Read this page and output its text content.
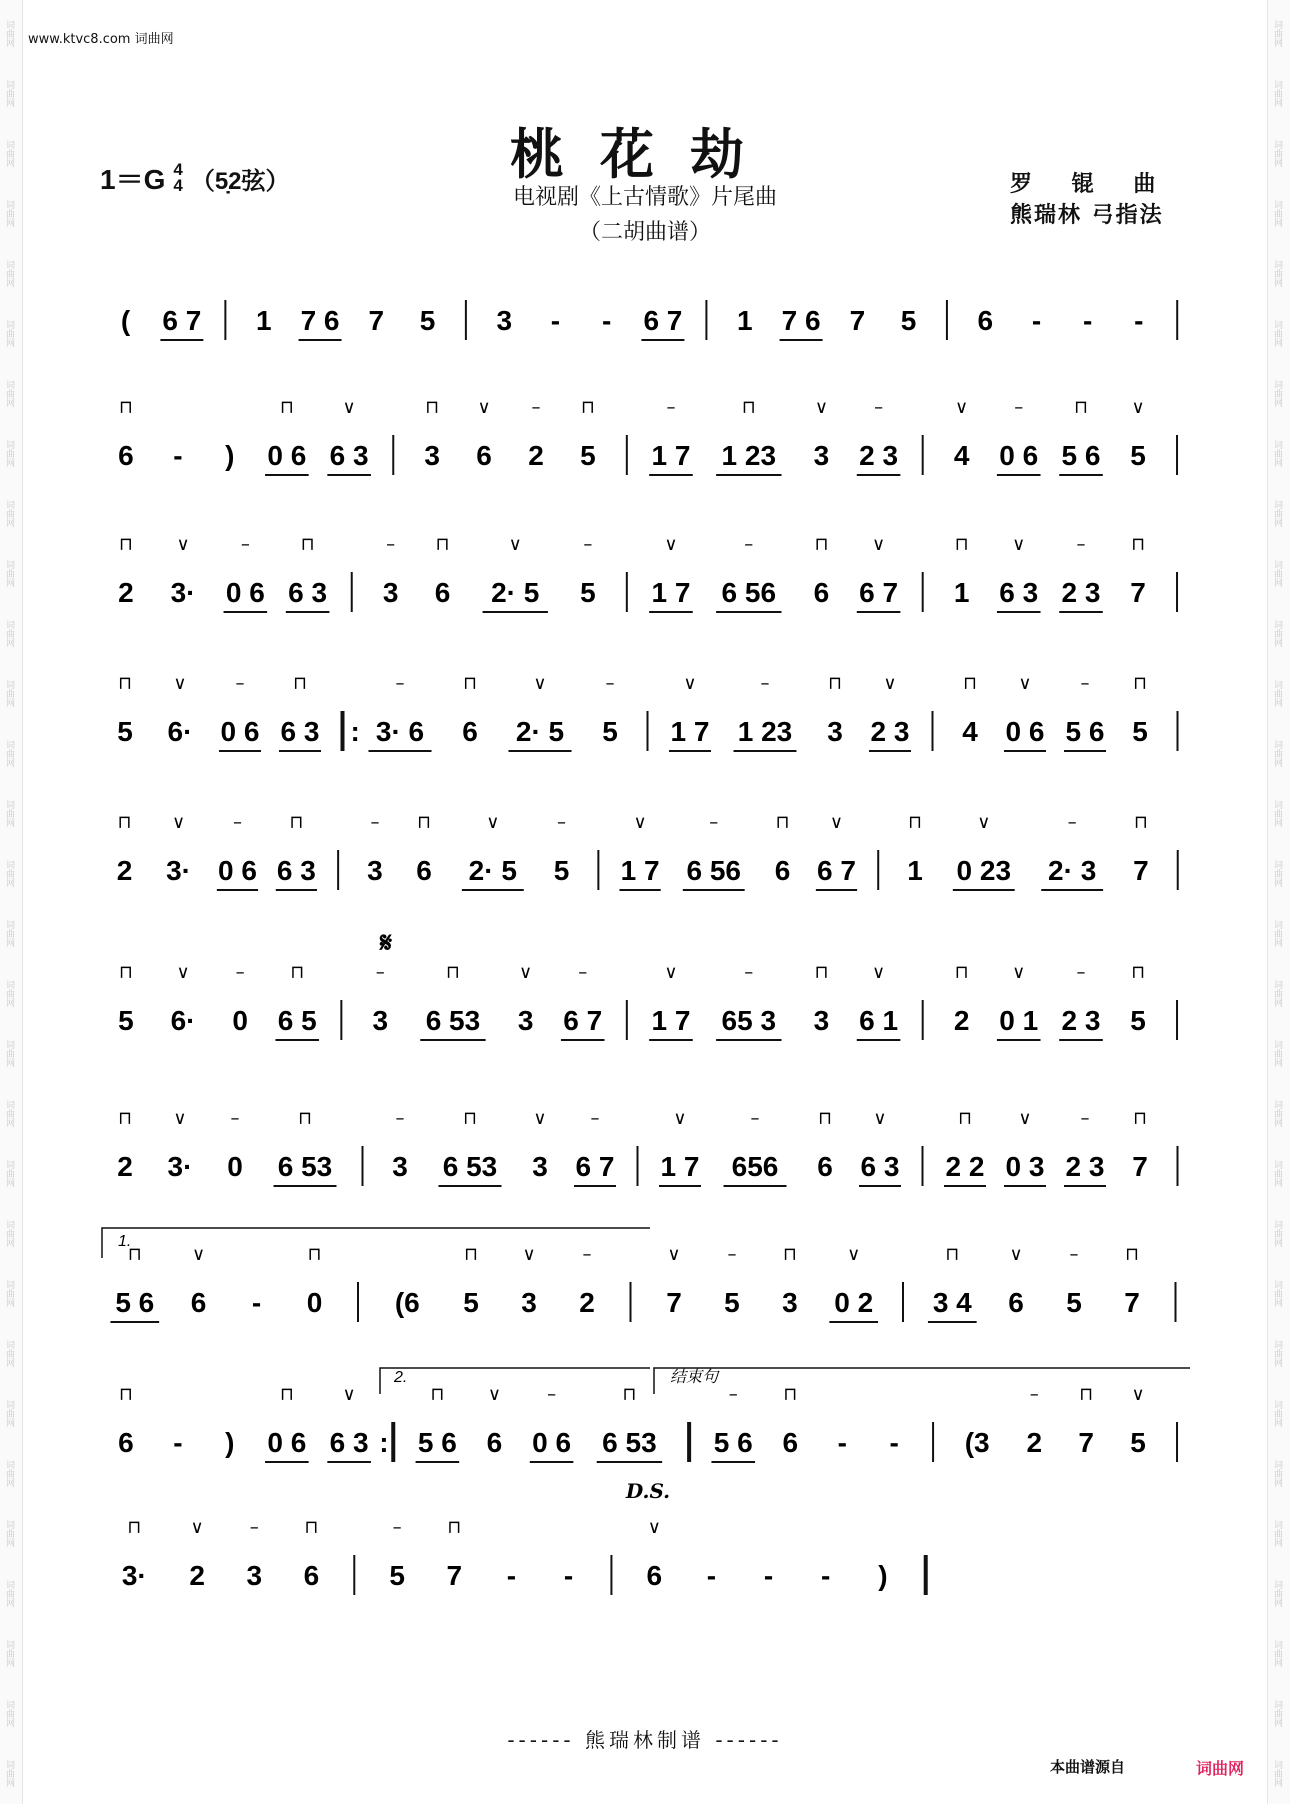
词曲网
词曲网
词曲网
词曲网
词曲网
词曲网
词曲网
词曲网
词曲网
词曲网
词曲网
词曲网
词曲网
词曲网
词曲网
词曲网
词曲网
词曲网
词曲网
词曲网
词曲网
词曲网
词曲网
词曲网
词曲网
词曲网
词曲网
词曲网
词曲网
词曲网
词曲网
词曲网
词曲网
词曲网
词曲网
词曲网
词曲网
词曲网
词曲网
词曲网
词曲网
词曲网
词曲网
词曲网
词曲网
词曲网
词曲网
词曲网
词曲网
词曲网
词曲网
词曲网
词曲网
词曲网
词曲网
词曲网
词曲网
词曲网
词曲网
词曲网
www.ktvc8.com 词曲网
1＝G 4
4 （5̣2弦）	桃花劫
电视剧《上古情歌》片尾曲
（二胡曲谱）
罗 锟 曲
熊瑞林 弓指法
( 6 7 1 7 6 7 5 3 - - 6 7 1 7 6 7 5 6 - - -
6
⊓
- ) 0 6
⊓
6 3
∨
3
⊓
6
∨
2
–
5
⊓
1 7
–
1 23
⊓
3
∨
2 3
–
4
∨
0 6
–
5 6
⊓
5
∨
2
⊓
3·
∨
0 6
–
6 3
⊓
3
–
6
⊓
2· 5
∨
5
–
1 7
∨
6 56
–
6
⊓
6 7
∨
1
⊓
6 3
∨
2 3
–
7
⊓
5
⊓
6·
∨
0 6
–
6 3
⊓
: 3· 6
–
6
⊓
2· 5
∨
5
–
1 7
∨
1 23
–
3
⊓
2 3
∨
4
⊓
0 6
∨
5 6
–
5
⊓
2
⊓
3·
∨
0 6
–
6 3
⊓
3
–
6
⊓
2· 5
∨
5
–
1 7
∨
6 56
–
6
⊓
6 7
∨
1
⊓
0 23
∨
2· 3
–
7
⊓
5
⊓
6·
∨
0
–
6 5
⊓
3
–
6 53
⊓
3
∨
6 7
–
1 7
∨
65 3
–
3
⊓
6 1
∨
2
⊓
0 1
∨
2 3
–
5
⊓
2
⊓
3·
∨
0
–
6 53
⊓
3
–
6 53
⊓
3
∨
6 7
–
1 7
∨
656
–
6
⊓
6 3
∨
2 2
⊓
0 3
∨
2 3
–
7
⊓
5 6
⊓
6
∨
- 0
⊓
(6 5
⊓
3
∨
2
–
7
∨
5
–
3
⊓
0 2
∨
3 4
⊓
6
∨
5
–
7
⊓
6
⊓
- ) 0 6
⊓
6 3
∨
: 5 6
⊓
6
∨
0 6
–
6 53
⊓
5 6
–
6
⊓
- - (3 2
–
7
⊓
5
∨
3·
⊓
2
∨
3
–
6
⊓
5
–
7
⊓
- -	6
∨
- - - )
𝄋
1.
2.	结束句
D.S.
------ 熊瑞林制谱 ------
本曲谱源自	词曲网
